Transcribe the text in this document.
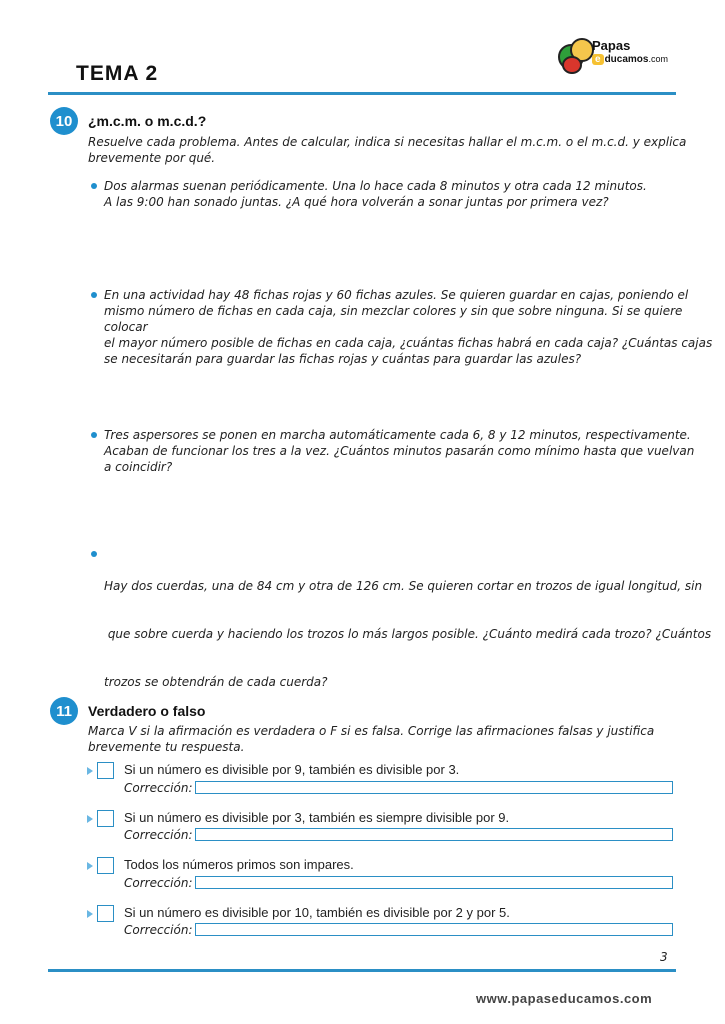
TEMA 2
Papas
e ducamos.com
10	¿m.c.m. o m.c.d.?
Resuelve cada problema. Antes de calcular, indica si necesitas hallar el m.c.m. o el m.c.d. y explica
brevemente por qué.
Dos alarmas suenan periódicamente. Una lo hace cada 8 minutos y otra cada 12 minutos.
A las 9:00 han sonado juntas. ¿A qué hora volverán a sonar juntas por primera vez?
En una actividad hay 48 fichas rojas y 60 fichas azules. Se quieren guardar en cajas, poniendo el
mismo número de fichas en cada caja, sin mezclar colores y sin que sobre ninguna. Si se quiere colocar
el mayor número posible de fichas en cada caja, ¿cuántas fichas habrá en cada caja? ¿Cuántas cajas
se necesitarán para guardar las fichas rojas y cuántas para guardar las azules?
Tres aspersores se ponen en marcha automáticamente cada 6, 8 y 12 minutos, respectivamente.
Acaban de funcionar los tres a la vez. ¿Cuántos minutos pasarán como mínimo hasta que vuelvan
a coincidir?

Hay dos cuerdas, una de 84 cm y otra de 126 cm. Se quieren cortar en trozos de igual longitud, sin

que sobre cuerda y haciendo los trozos lo más largos posible. ¿Cuánto medirá cada trozo? ¿Cuántos

trozos se obtendrán de cada cuerda?

11	Verdadero o falso
Marca V si la afirmación es verdadera o F si es falsa. Corrige las afirmaciones falsas y justifica
brevemente tu respuesta.
Si un número es divisible por 9, también es divisible por 3.
Corrección:
Si un número es divisible por 3, también es siempre divisible por 9.
Corrección:
Todos los números primos son impares.
Corrección:
Si un número es divisible por 10, también es divisible por 2 y por 5.
Corrección:
3
www.papaseducamos.com
